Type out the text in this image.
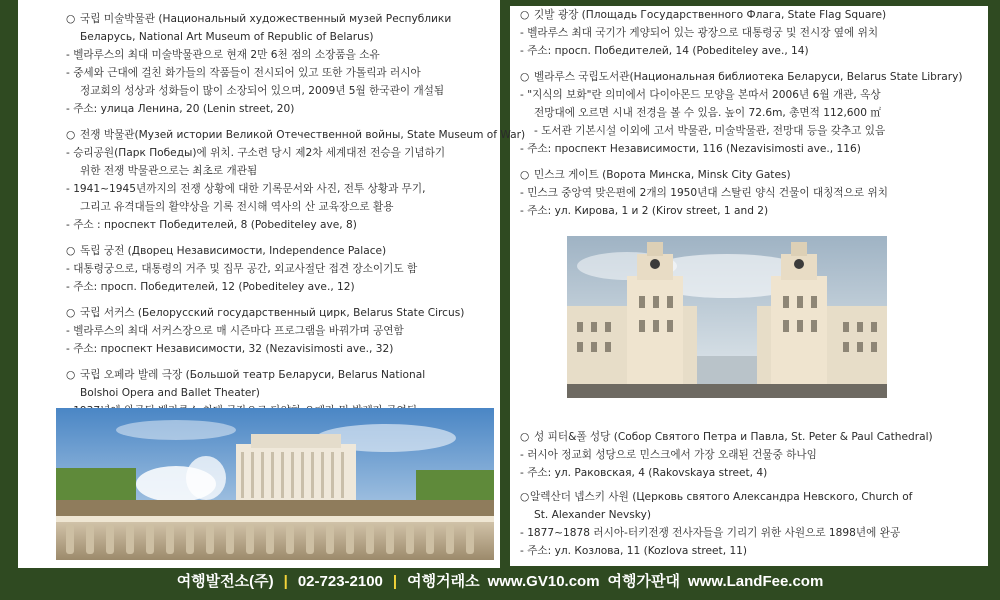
○ 국립 미술박물관 (Национальный художественный музей Республики
Беларусь, National Art Museum of Republic of Belarus)
- 벨라루스의 최대 미술박물관으로 현재 2만 6천 점의 소장품을 소유
- 중세와 근대에 걸친 화가들의 작품들이 전시되어 있고 또한 가톨릭과 러시아
정교회의 성상과 성화들이 많이 소장되어 있으며, 2009년 5월 한국관이 개설됨
- 주소: улица Ленина, 20 (Lenin street, 20)
○ 전쟁 박물관(Музей истории Великой Отечественной войны, State Museum of War)
- 승리공원(Парк Победы)에 위치. 구소련 당시 제2차 세계대전 전승을 기념하기
위한 전쟁 박물관으로는 최초로 개관됨
- 1941~1945년까지의 전쟁 상황에 대한 기록문서와 사진, 전투 상황과 무기,
그리고 유격대들의 활약상을 기록 전시해 역사의 산 교육장으로 활용
- 주소 : проспект Победителей, 8 (Pobediteley ave, 8)
○ 독립 궁전 (Дворец Независимости, Independence Palace)
- 대통령궁으로, 대통령의 거주 및 집무 공간, 외교사절단 접견 장소이기도 함
- 주소: просп. Победителей, 12 (Pobediteley ave., 12)
○ 국립 서커스 (Белорусский государственный цирк, Belarus State Circus)
- 벨라루스의 최대 서커스장으로 매 시즌마다 프로그램을 바꿔가며 공연함
- 주소: проспект Независимости, 32 (Nezavisimosti ave., 32)
○ 국립 오페라 발레 극장 (Большой театр Беларуси, Belarus National
Bolshoi Opera and Ballet Theater)
○ 깃발 광장 (Площадь Государственного Флага, State Flag Square)
- 벨라루스 최대 국기가 게양되어 있는 광장으로 대통령궁 및 전시장 옆에 위치
- 주소: просп. Победителей, 14 (Pobediteley ave., 14)
○ 벨라루스 국립도서관(Национальная библиотека Беларуси, Belarus State Library)
- "지식의 보화"란 의미에서 다이아몬드 모양을 본따서 2006년 6월 개관, 옥상
전망대에 오르면 시내 전경을 볼 수 있음. 높이 72.6m, 총면적 112,600 ㎡
- 도서관 기본시설 이외에 고서 박물관, 미술박물관, 전망대 등을 갖추고 있음
- 주소: проспект Независимости, 116 (Nezavisimosti ave., 116)
○ 민스크 게이트 (Ворота Минска, Minsk City Gates)
- 민스크 중앙역 맞은편에 2개의 1950년대 스탈린 양식 건물이 대칭적으로 위치
- 주소: ул. Кирова, 1 и 2 (Kirov street, 1 and 2)
○ 성 피터&폴 성당 (Собор Святого Петра и Павла, St. Peter & Paul Cathedral)
- 러시아 정교회 성당으로 민스크에서 가장 오래된 건물중 하나임
- 주소: ул. Раковская, 4 (Rakovskaya street, 4)
○알렉산더 넵스키 사원 (Церковь святого Александра Невского, Church of
St. Alexander Nevsky)
- 1877~1878 러시아-터키전쟁 전사자들을 기리기 위한 사원으로 1898년에 완공
- 주소: ул. Козлова, 11 (Kozlova street, 11)
여행발전소(주) | 02-723-2100 | 여행거래소 www.GV10.com 여행가판대 www.LandFee.com
